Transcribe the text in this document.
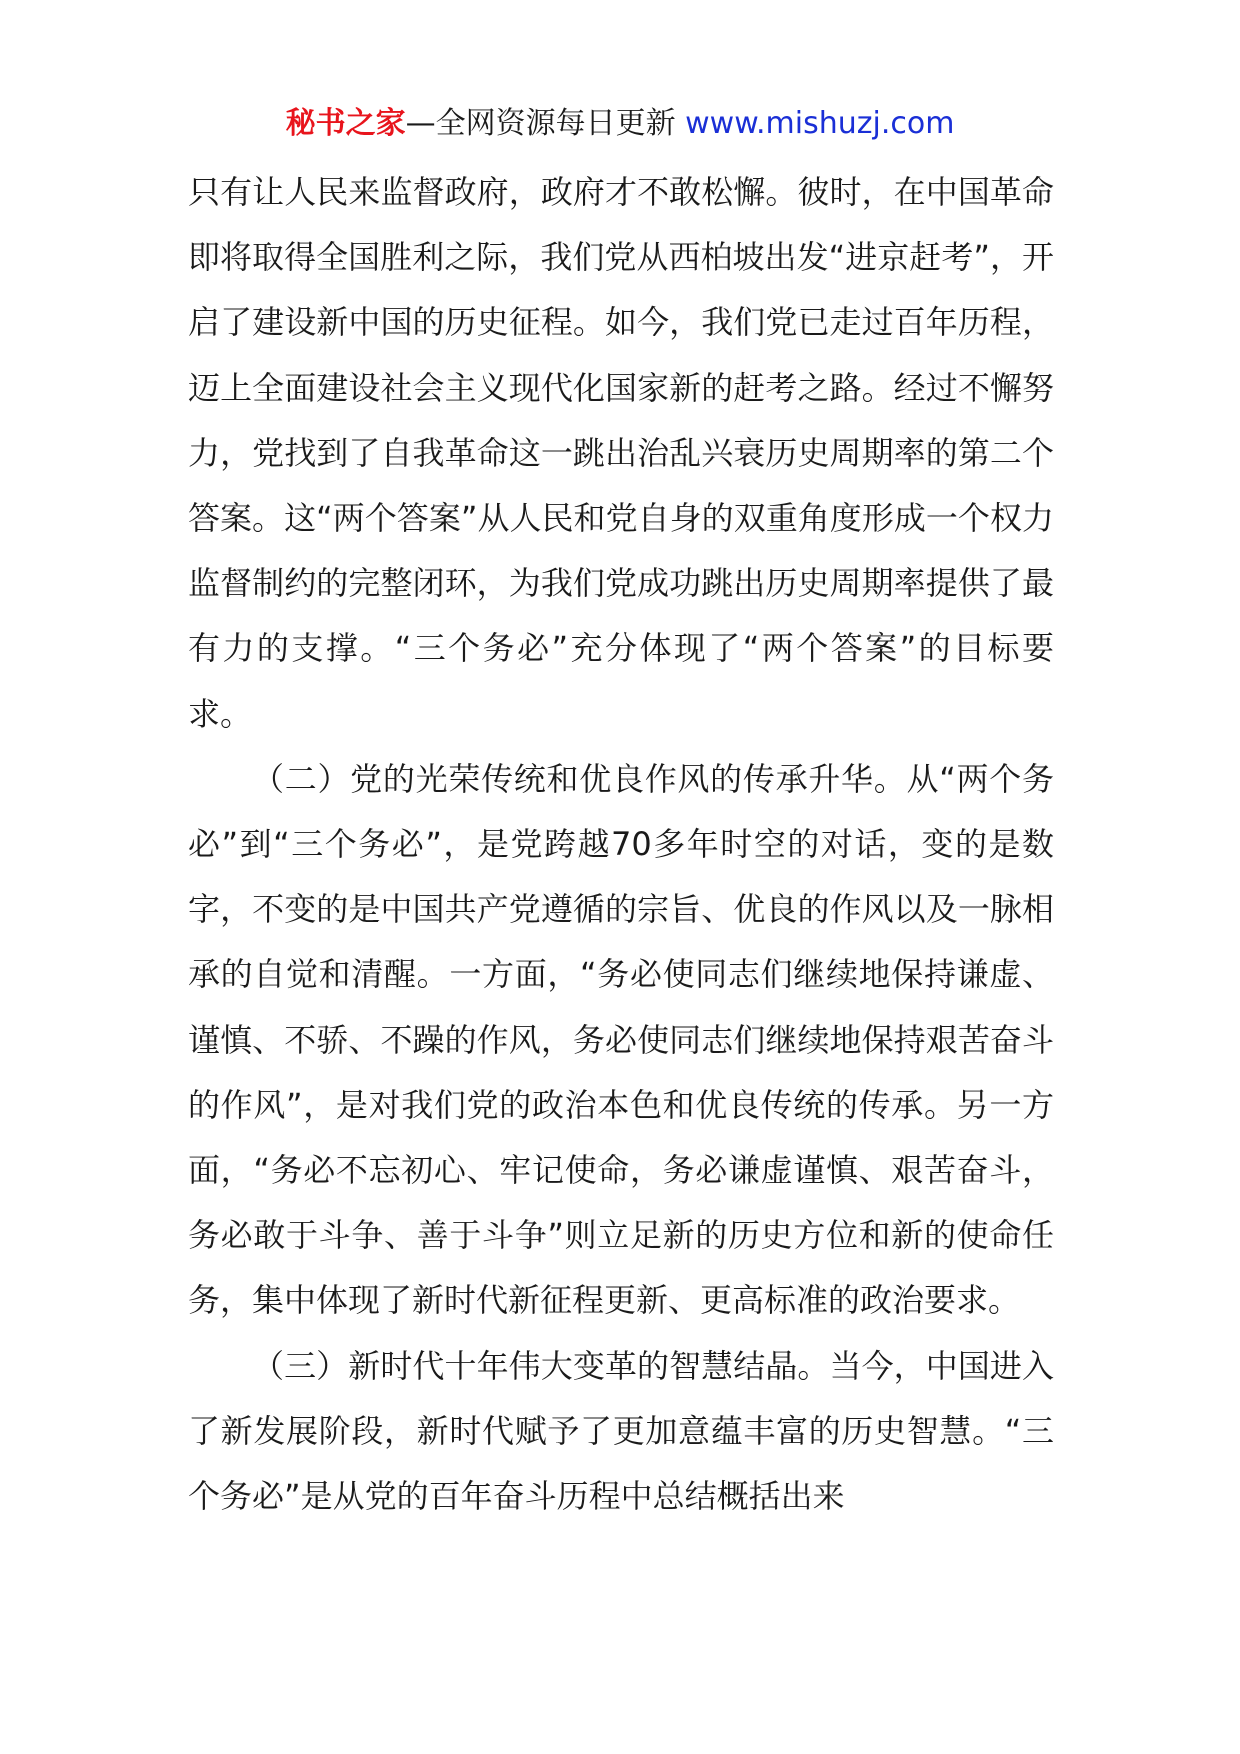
秘书之家—全网资源每日更新 www.mishuzj.com

只有让人民来监督政府，政府才不敢松懈。彼时，在中国革命即将取得全国胜利之际，我们党从西柏坡出发“进京赶考”，开启了建设新中国的历史征程。如今，我们党已走过百年历程，迈上全面建设社会主义现代化国家新的赶考之路。经过不懈努力，党找到了自我革命这一跳出治乱兴衰历史周期率的第二个答案。这“两个答案”从人民和党自身的双重角度形成一个权力监督制约的完整闭环，为我们党成功跳出历史周期率提供了最有力的支撑。“三个务必”充分体现了“两个答案”的目标要求。

（二）党的光荣传统和优良作风的传承升华。从“两个务必”到“三个务必”，是党跨越70多年时空的对话，变的是数字，不变的是中国共产党遵循的宗旨、优良的作风以及一脉相承的自觉和清醒。一方面，“务必使同志们继续地保持谦虚、谨慎、不骄、不躁的作风，务必使同志们继续地保持艰苦奋斗的作风”，是对我们党的政治本色和优良传统的传承。另一方面，“务必不忘初心、牢记使命，务必谦虚谨慎、艰苦奋斗，务必敢于斗争、善于斗争”则立足新的历史方位和新的使命任务，集中体现了新时代新征程更新、更高标准的政治要求。

（三）新时代十年伟大变革的智慧结晶。当今，中国进入了新发展阶段，新时代赋予了更加意蕴丰富的历史智慧。“三个务必”是从党的百年奋斗历程中总结概括出来
